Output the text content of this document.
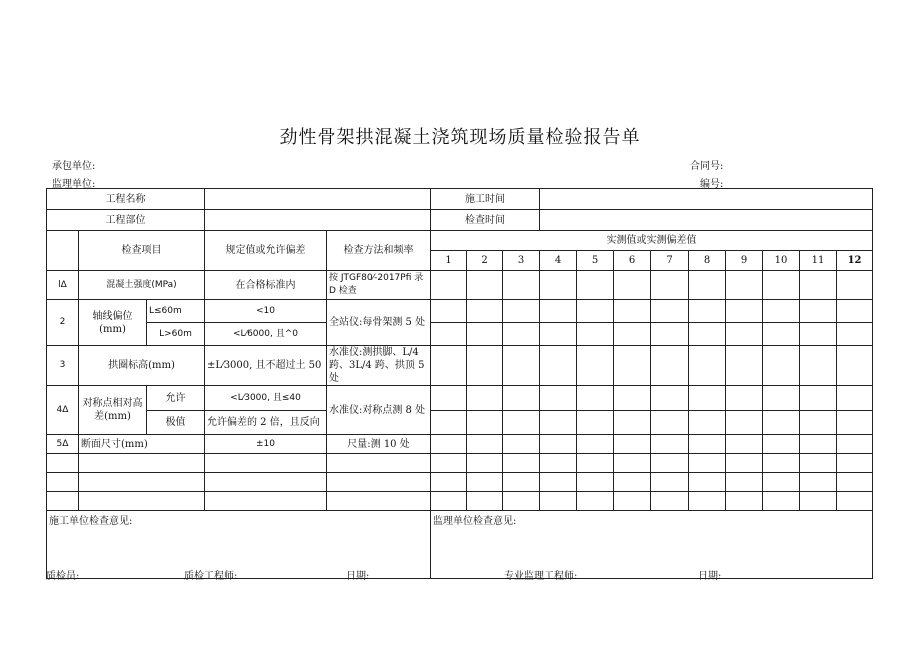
劲性骨架拱混凝土浇筑现场质量检验报告单
承包单位:	合同号:
监理单位:	编号:
工程名称					施工时间											
工程部位					检查时间											
	检查项目		规定值或允许偏差	检查方法和频率	实测值或实测偏差值											
					1	2	3	4	5	6	7	8	9	10	11	12
lΔ	混凝土强度(MPa)		在合格标准内	按 JTGF80⁄-2017Pfi 录 D 检查												
2	轴线偏位(mm)	L≤60m	<10	全站仪:每骨架测 5 处												
		L>60m	<L⁄6000, 且^0													
3	拱圈标高(mm)		±L⁄3000, 且不超过土 50	水准仪:测拱脚、L/4 跨、3L/4 跨、拱顶 5 处												
4Δ	对称点相对高差(mm)	允许	<L⁄3000, 且≤40	水准仪:对称点测 8 处												
		极值	允许偏差的 2 倍，且反向													
5Δ	断面尺寸(mm)		±10	尺量:测 10 处												

施工单位检查意见:					监理单位检查意见:											
质检员:	质检工程师:	日期:	专业监理工程师:	日期:
